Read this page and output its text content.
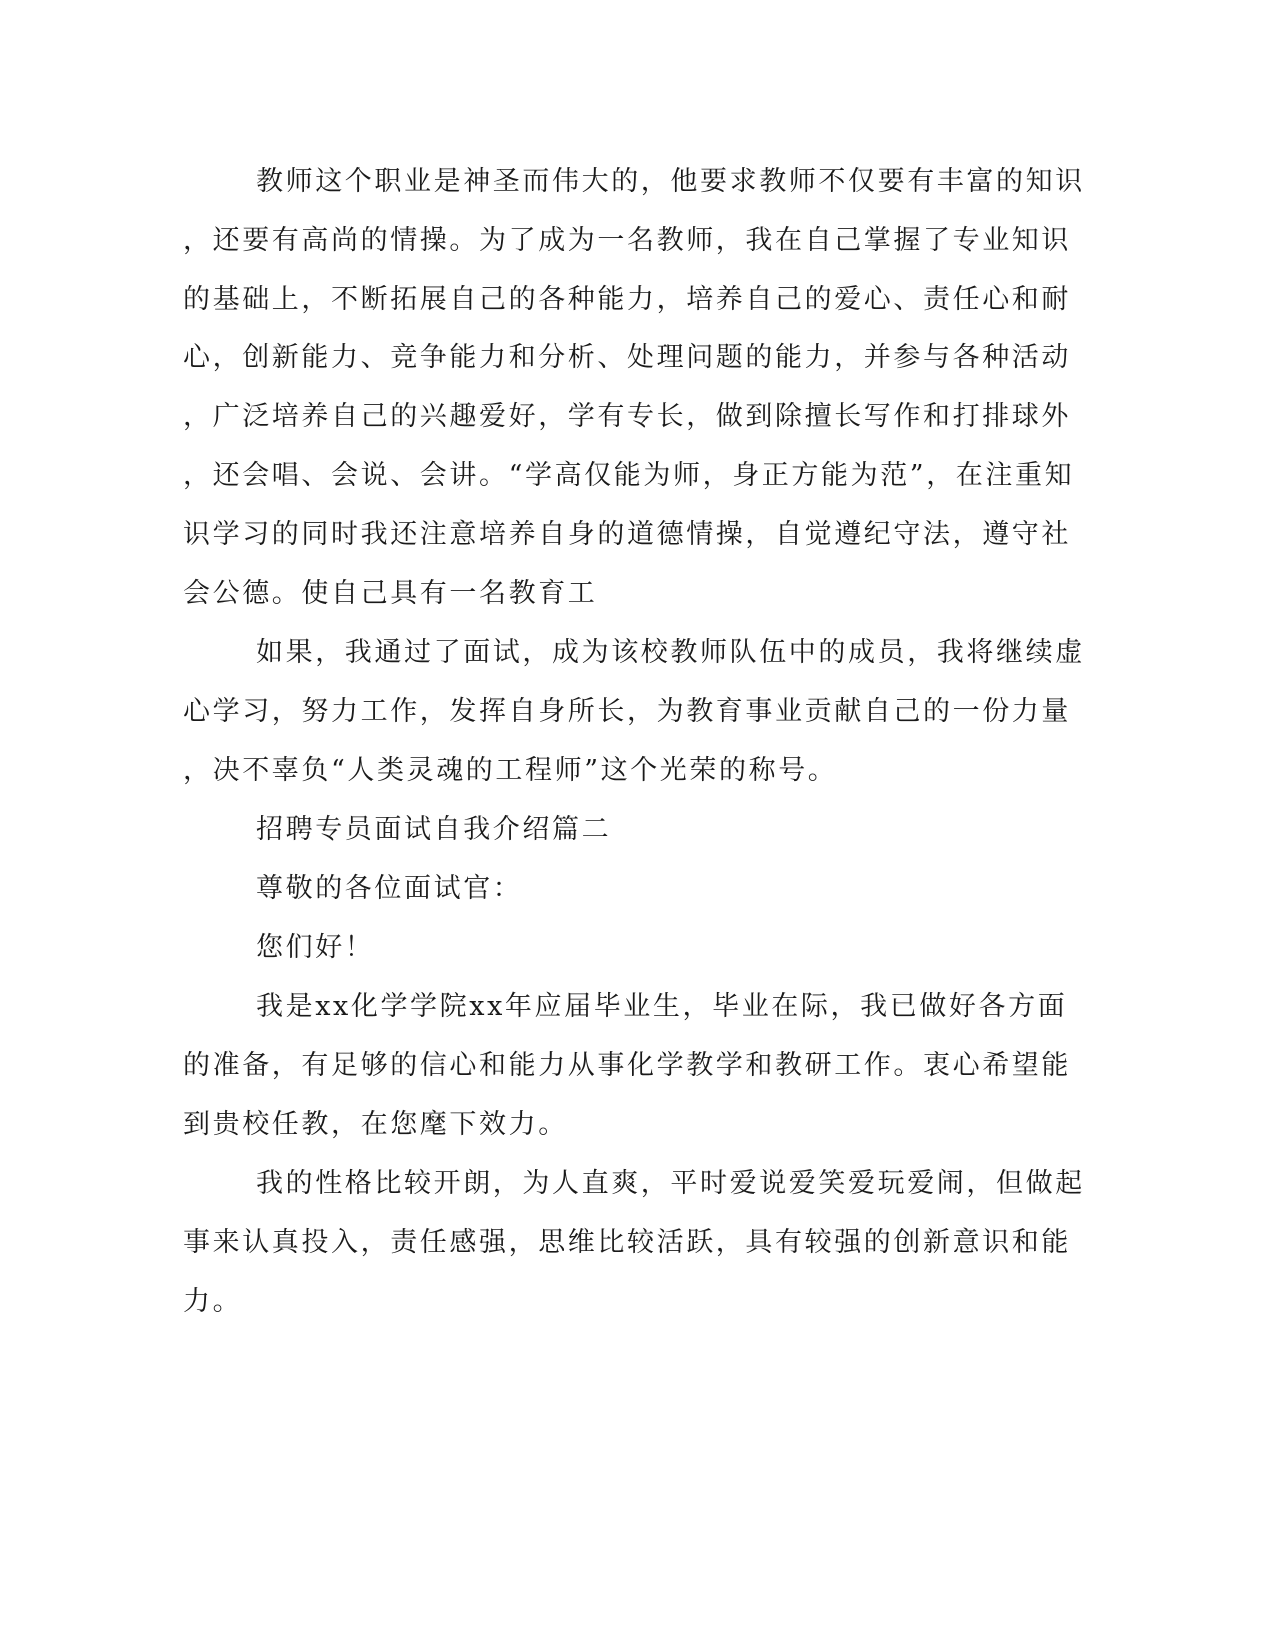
教师这个职业是神圣而伟大的，他要求教师不仅要有丰富的知识
，还要有高尚的情操。为了成为一名教师，我在自己掌握了专业知识
的基础上，不断拓展自己的各种能力，培养自己的爱心、责任心和耐
心，创新能力、竞争能力和分析、处理问题的能力，并参与各种活动
，广泛培养自己的兴趣爱好，学有专长，做到除擅长写作和打排球外
，还会唱、会说、会讲。“学高仅能为师，身正方能为范”，在注重知
识学习的同时我还注意培养自身的道德情操，自觉遵纪守法，遵守社
会公德。使自己具有一名教育工
如果，我通过了面试，成为该校教师队伍中的成员，我将继续虚
心学习，努力工作，发挥自身所长，为教育事业贡献自己的一份力量
，决不辜负“人类灵魂的工程师”这个光荣的称号。
招聘专员面试自我介绍篇二
尊敬的各位面试官：
您们好！
我是xx化学学院xx年应届毕业生，毕业在际，我已做好各方面
的准备，有足够的信心和能力从事化学教学和教研工作。衷心希望能
到贵校任教，在您麾下效力。
我的性格比较开朗，为人直爽，平时爱说爱笑爱玩爱闹，但做起
事来认真投入，责任感强，思维比较活跃，具有较强的创新意识和能
力。
